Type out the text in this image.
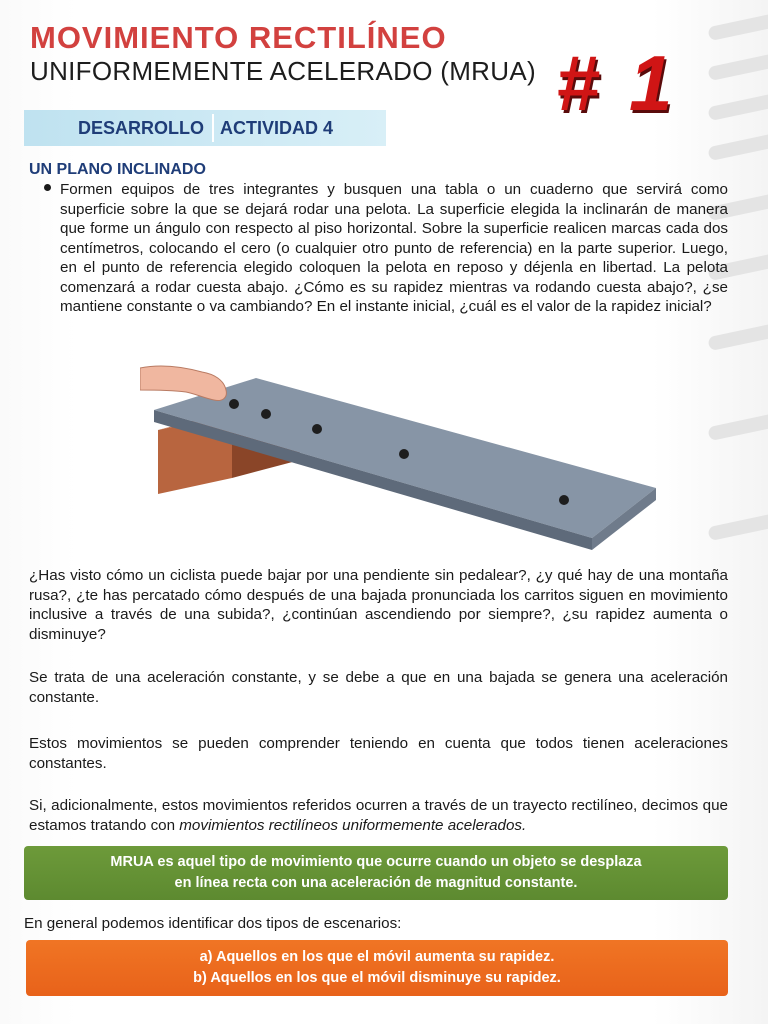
MOVIMIENTO RECTILÍNEO
UNIFORMEMENTE ACELERADO (MRUA) # 1
DESARROLLO ACTIVIDAD 4
UN PLANO INCLINADO

Formen equipos de tres integrantes y busquen una tabla o un cuaderno que servirá como superficie sobre la que se dejará rodar una pelota. La superficie elegida la inclinarán de manera que forme un ángulo con respecto al piso horizontal. Sobre la superficie realicen marcas cada dos centímetros, colocando el cero (o cualquier otro punto de referencia) en la parte superior. Luego, en el punto de referencia elegido coloquen la pelota en reposo y déjenla en libertad. La pelota comenzará a rodar cuesta abajo. ¿Cómo es su rapidez mientras va rodando cuesta abajo?, ¿se mantiene constante o va cambiando? En el instante inicial, ¿cuál es el valor de la rapidez inicial?

¿Has visto cómo un ciclista puede bajar por una pendiente sin pedalear?, ¿y qué hay de una montaña rusa?, ¿te has percatado cómo después de una bajada pronunciada los carritos siguen en movimiento inclusive a través de una subida?, ¿continúan ascendiendo por siempre?, ¿su rapidez aumenta o disminuye?

Se trata de una aceleración constante, y se debe a que en una bajada se genera una aceleración constante.

Estos movimientos se pueden comprender teniendo en cuenta que todos tienen aceleraciones constantes.

Si, adicionalmente, estos movimientos referidos ocurren a través de un trayecto rectilíneo, decimos que estamos tratando con movimientos rectilíneos uniformemente acelerados.

MRUA es aquel tipo de movimiento que ocurre cuando un objeto se desplaza
en línea recta con una aceleración de magnitud constante.

En general podemos identificar dos tipos de escenarios:

a) Aquellos en los que el móvil aumenta su rapidez.
b) Aquellos en los que el móvil disminuye su rapidez.
